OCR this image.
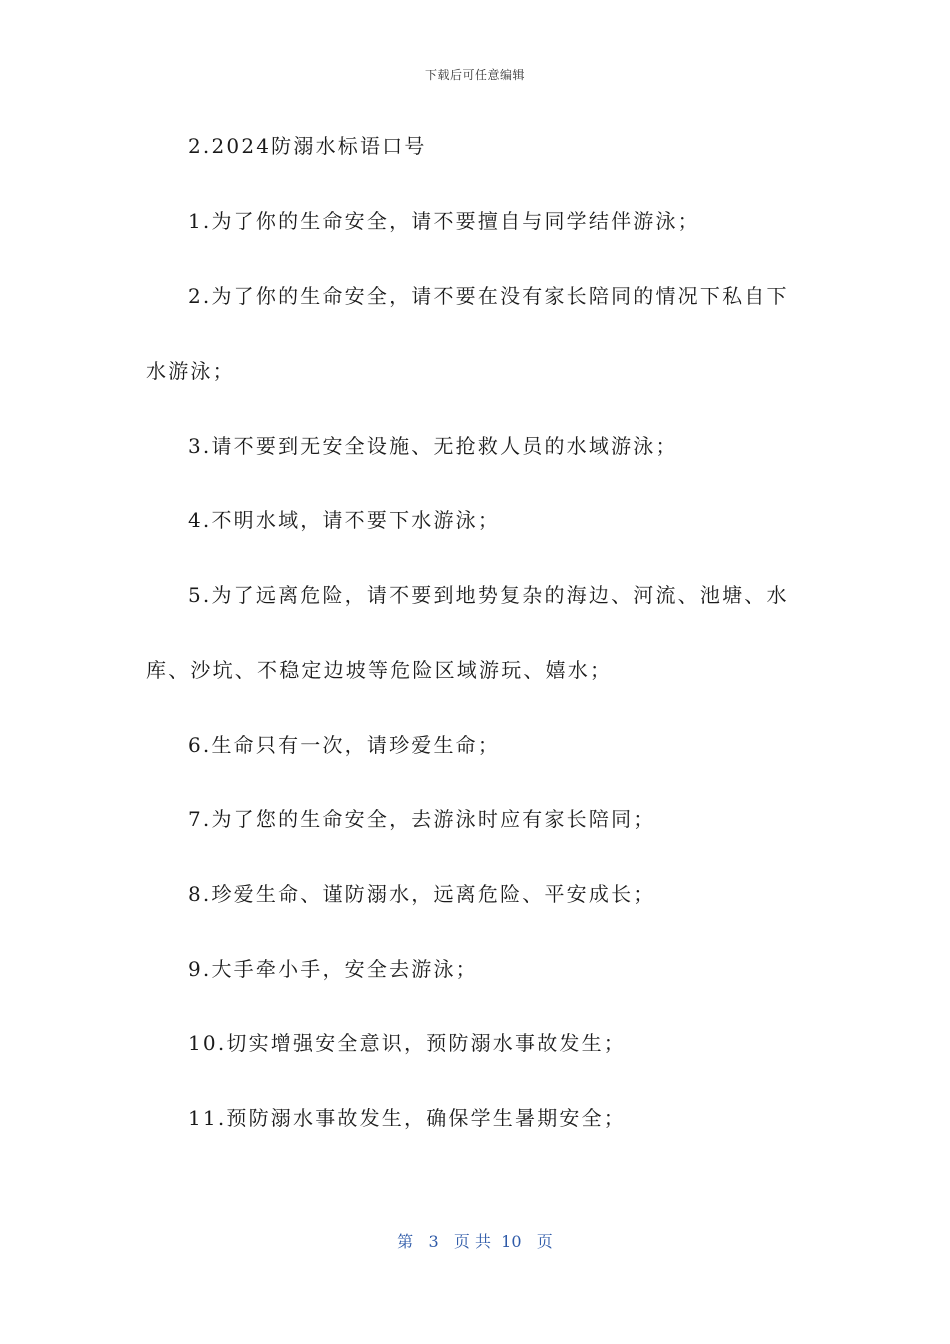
下载后可任意编辑
2.2024防溺水标语口号
1.为了你的生命安全，请不要擅自与同学结伴游泳；
2.为了你的生命安全，请不要在没有家长陪同的情况下私自下
水游泳；
3.请不要到无安全设施、无抢救人员的水域游泳；
4.不明水域，请不要下水游泳；
5.为了远离危险，请不要到地势复杂的海边、河流、池塘、水
库、沙坑、不稳定边坡等危险区域游玩、嬉水；
6.生命只有一次，请珍爱生命；
7.为了您的生命安全，去游泳时应有家长陪同；
8.珍爱生命、谨防溺水，远离危险、平安成长；
9.大手牵小手，安全去游泳；
10.切实增强安全意识，预防溺水事故发生；
11.预防溺水事故发生，确保学生暑期安全；
第 3 页 共 10 页
